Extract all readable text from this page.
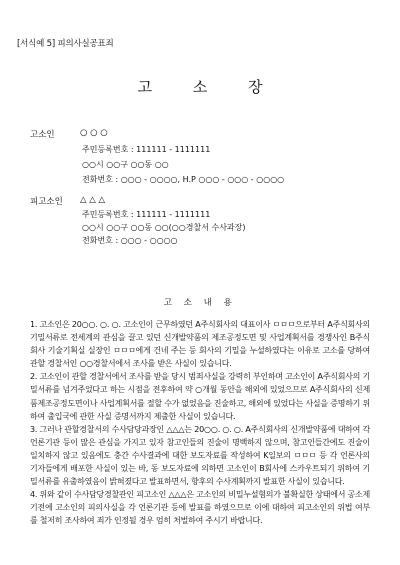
[서식예 5] 피의사실공표죄
고 소 장
고소인	○ ○ ○
주민등록번호 : 111111 - 1111111
○○시 ○○구 ○○동 ○○
전화번호 : ○○○ - ○○○○, H.P ○○○ - ○○○ - ○○○○
피고소인	△ △ △
주민등록번호 : 111111 - 1111111
○○시 ○○구 ○○동 ○○(○○경찰서 수사과장)
전화번호 : ○○○ - ○○○○
고 소 내 용

1. 고소인은 20○○. ○. ○. 고소인이 근무하였던 A주식회사의 대표이사 ㅁㅁㅁ으로부터 A주식회사의 기밀서류로 전세계의 관심을 끌고 있던 신개발약품의 제조공정도면 및 사업계획서를 경쟁사인 B주식회사 기술기획실 실장인 ㅁㅁㅁ에게 건네 주는 등 회사의 기밀을 누설하였다는 이유로 고소를 당하여 관할 경찰서인 ○○경찰서에서 조사를 받은 사실이 있습니다.

2. 고소인이 관할 경찰서에서 조사를 받을 당시 범죄사실을 강력히 부인하며 고소인이 A주식회사의 기밀서류를 넘겨주었다고 하는 시점을 전후하여 약 ○개월 동안을 해외에 있었으므로 A주식회사의 신제품제조공정도면이나 사업계획서를 절할 수가 없었음을 진술하고, 해외에 있었다는 사실을 증명하기 위하여 출입국에 관한 사실 증명서까지 제출한 사실이 있습니다.

3. 그러나 관할경찰서의 수사담당과장인 △△△는 20○○. ○. ○. A주식회사의 신개발약품에 대하여 각 언론기관 등이 많은 관심을 가지고 있자 참고인들의 진술이 명백하지 않으며, 참고인들간에도 진술이 일치하지 않고 있음에도 충간 수사결과에 대한 보도자료를 작성하여 K일보의 ㅁㅁㅁ 등 각 언론사의 기자들에게 배포한 사실이 있는 바, 동 보도자료에 의하면 고소인이 B회사에 스카우트되기 위하여 기밀서류를 유출하였음이 밝혀졌다고 발표하면서, 향후의 수사계획까지 발표한 사실이 있습니다.

4. 위와 같이 수사담당경찰관인 피고소인 △△△은 고소인의 비밀누설혐의가 불확실한 상태에서 공소제기전에 고소인의 피의사실을 각 언론기관 등에 발표를 하였으므로 이에 대하여 피고소인의 위법 여부를 철저히 조사하여 죄가 인정될 경우 엄히 처벌하여 주시기 바랍니다.
